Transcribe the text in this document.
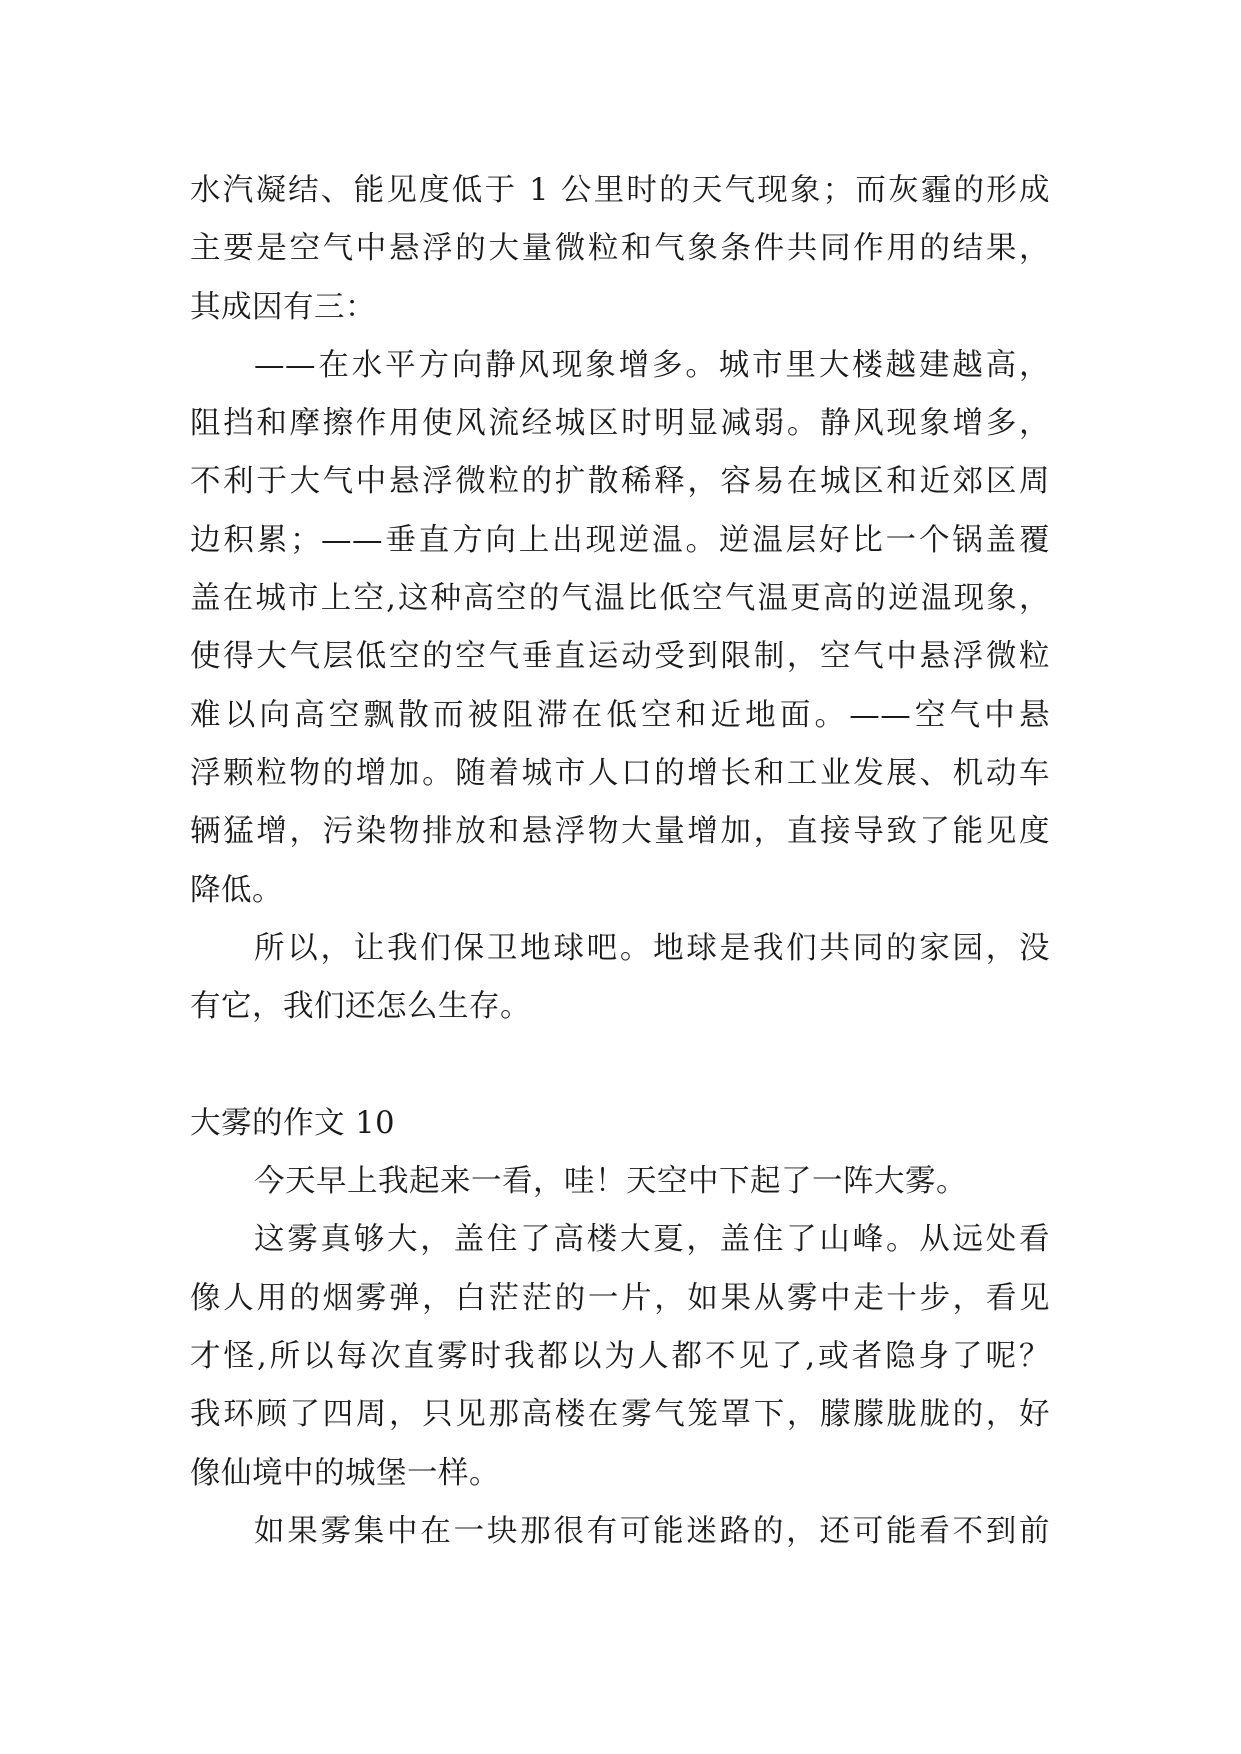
水汽凝结、能见度低于 1 公里时的天气现象；而灰霾的形成
主要是空气中悬浮的大量微粒和气象条件共同作用的结果，
其成因有三：
——在水平方向静风现象增多。城市里大楼越建越高，
阻挡和摩擦作用使风流经城区时明显减弱。静风现象增多，
不利于大气中悬浮微粒的扩散稀释，容易在城区和近郊区周
边积累；——垂直方向上出现逆温。逆温层好比一个锅盖覆
盖在城市上空,这种高空的气温比低空气温更高的逆温现象，
使得大气层低空的空气垂直运动受到限制，空气中悬浮微粒
难以向高空飘散而被阻滞在低空和近地面。——空气中悬
浮颗粒物的增加。随着城市人口的增长和工业发展、机动车
辆猛增，污染物排放和悬浮物大量增加，直接导致了能见度
降低。
所以，让我们保卫地球吧。地球是我们共同的家园，没
有它，我们还怎么生存。
大雾的作文 10
今天早上我起来一看，哇！天空中下起了一阵大雾。
这雾真够大，盖住了高楼大夏，盖住了山峰。从远处看
像人用的烟雾弹，白茫茫的一片，如果从雾中走十步，看见
才怪,所以每次直雾时我都以为人都不见了,或者隐身了呢？
我环顾了四周，只见那高楼在雾气笼罩下，朦朦胧胧的，好
像仙境中的城堡一样。
如果雾集中在一块那很有可能迷路的，还可能看不到前
